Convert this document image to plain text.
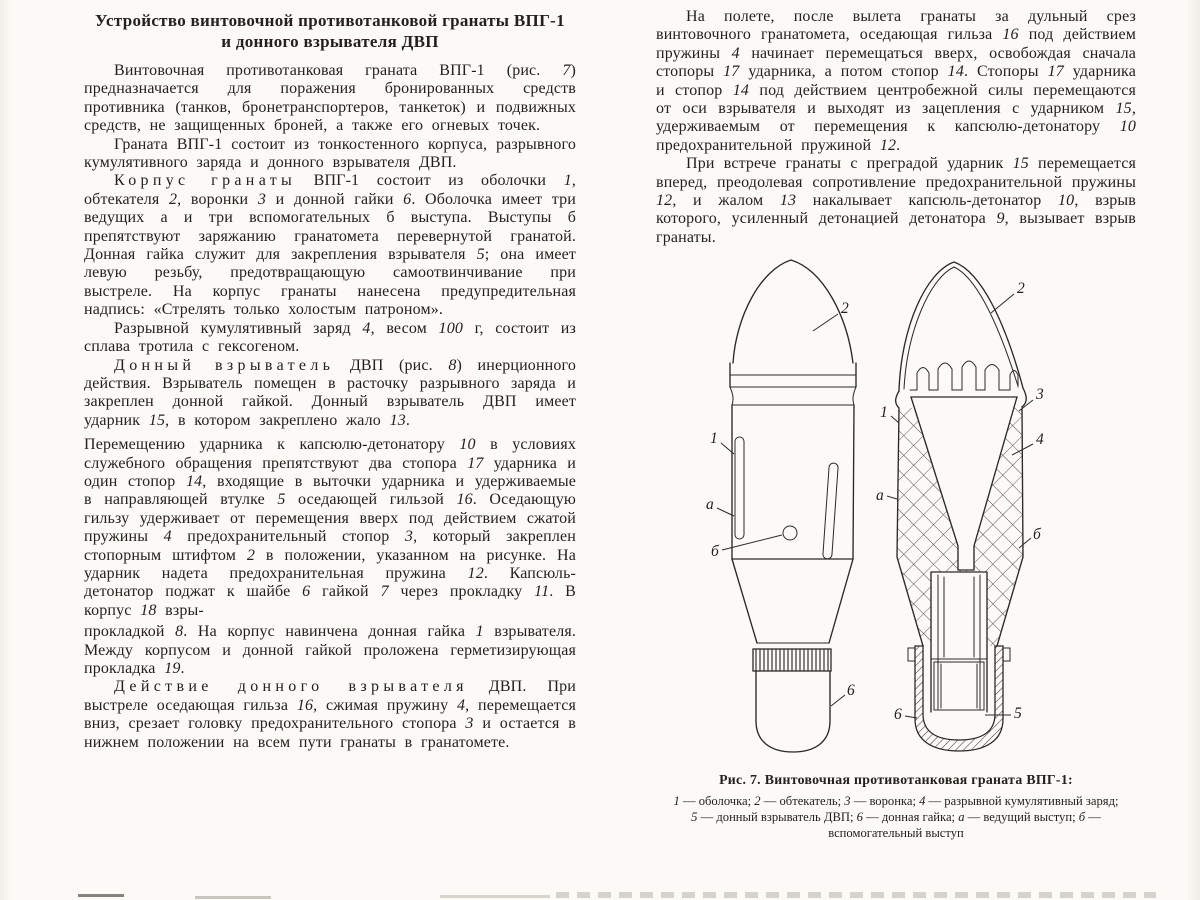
Устройство винтовочной противотанковой гранаты ВПГ-1
и донного взрывателя ДВП

Винтовочная противотанковая граната ВПГ-1 (рис. 7) предназначается для поражения бронированных средств противника (танков, бронетранспортеров, танкеток) и подвижных средств, не защищенных броней, а также его огневых точек.

Граната ВПГ-1 состоит из тонкостенного корпуса, разрывного кумулятивного заряда и донного взрывателя ДВП.

Корпус гранаты ВПГ-1 состоит из оболочки 1, обтекателя 2, воронки 3 и донной гайки 6. Оболочка имеет три ведущих а и три вспомогательных б выступа. Выступы б препятствуют заряжанию гранатомета перевернутой гранатой. Донная гайка служит для закрепления взрывателя 5; она имеет левую резьбу, предотвращающую самоотвинчивание при выстреле. На корпус гранаты нанесена предупредительная надпись: «Стрелять только холостым патроном».

Разрывной кумулятивный заряд 4, весом 100 г, состоит из сплава тротила с гексогеном.

Донный взрыватель ДВП (рис. 8) инерционного действия. Взрыватель помещен в расточку разрывного заряда и закреплен донной гайкой. Донный взрыватель ДВП имеет ударник 15, в котором закреплено жало 13.

Перемещению ударника к капсюлю-детонатору 10 в условиях служебного обращения препятствуют два стопора 17 ударника и один стопор 14, входящие в выточки ударника и удерживаемые в направляющей втулке 5 оседающей гильзой 16. Оседающую гильзу удерживает от перемещения вверх под действием сжатой пружины 4 предохранительный стопор 3, который закреплен стопорным штифтом 2 в положении, указанном на рисунке. На ударник надета предохранительная пружина 12. Капсюль-детонатор поджат к шайбе 6 гайкой 7 через прокладку 11. В корпус 18 взры-

прокладкой 8. На корпус навинчена донная гайка 1 взрывателя. Между корпусом и донной гайкой проложена герметизирующая прокладка 19.

Действие донного взрывателя ДВП. При выстреле оседающая гильза 16, сжимая пружину 4, перемещается вниз, срезает головку предохранительного стопора 3 и остается в нижнем положении на всем пути гранаты в гранатомете.

На полете, после вылета гранаты за дульный срез винтовочного гранатомета, оседающая гильза 16 под действием пружины 4 начинает перемещаться вверх, освобождая сначала стопоры 17 ударника, а потом стопор 14. Стопоры 17 ударника и стопор 14 под действием центробежной силы перемещаются от оси взрывателя и выходят из зацепления с ударником 15, удерживаемым от перемещения к капсюлю-детонатору 10 предохранительной пружиной 12.

При встрече гранаты с преградой ударник 15 перемещается вперед, преодолевая сопротивление предохранительной пружины 12, и жалом 13 накалывает капсюль-детонатор 10, взрыв которого, усиленный детонацией детонатора 9, вызывает взрыв гранаты.

2
1
а
б
6
2
3
4
1
а
б
6	5
Рис. 7. Винтовочная противотанковая граната ВПГ-1:
1 — оболочка; 2 — обтекатель; 3 — воронка; 4 — разрывной кумулятивный заряд; 5 — донный взрыватель ДВП; 6 — донная гайка; а — ведущий выступ; б — вспомогательный выступ
